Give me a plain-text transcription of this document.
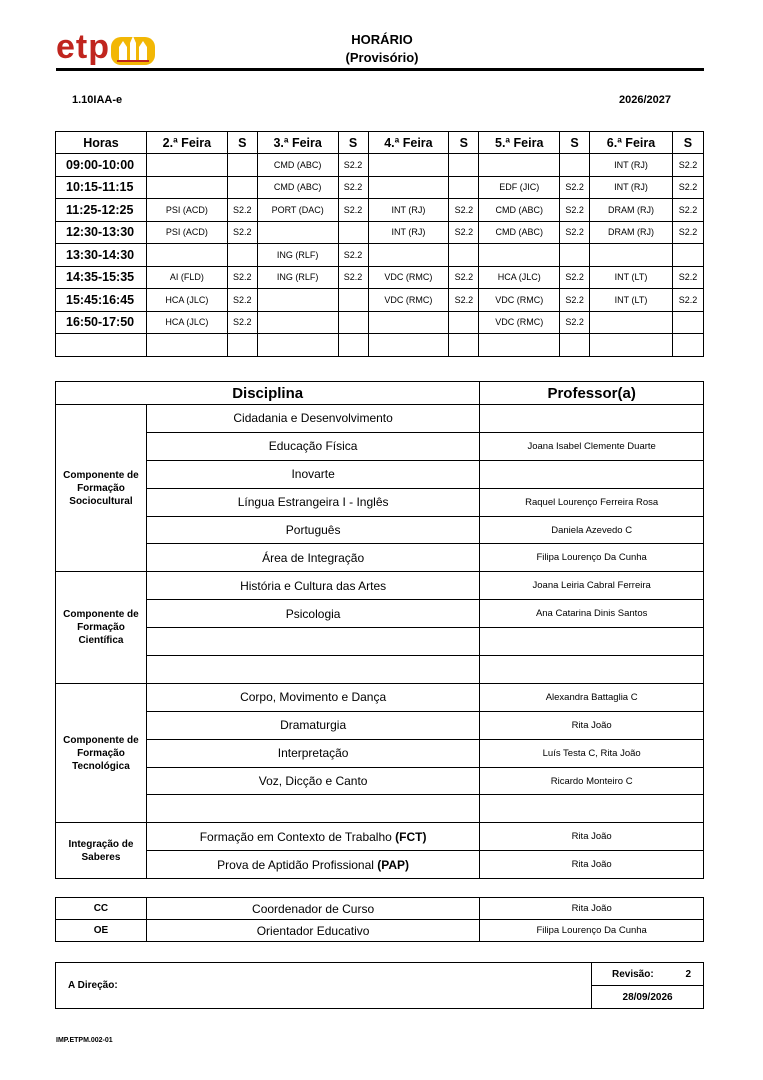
etp	HORÁRIO
(Provisório)
1.10IAA-e	2026/2027
Horas	2.ª Feira	S	3.ª Feira	S	4.ª Feira	S	5.ª Feira	S	6.ª Feira	S
09:00-10:00			CMD (ABC)	S2.2					INT (RJ)	S2.2
10:15-11:15			CMD (ABC)	S2.2			EDF (JIC)	S2.2	INT (RJ)	S2.2
11:25-12:25	PSI (ACD)	S2.2	PORT (DAC)	S2.2	INT (RJ)	S2.2	CMD (ABC)	S2.2	DRAM (RJ)	S2.2
12:30-13:30	PSI (ACD)	S2.2			INT (RJ)	S2.2	CMD (ABC)	S2.2	DRAM (RJ)	S2.2
13:30-14:30			ING (RLF)	S2.2						
14:35-15:35	AI (FLD)	S2.2	ING (RLF)	S2.2	VDC (RMC)	S2.2	HCA (JLC)	S2.2	INT (LT)	S2.2
15:45:16:45	HCA (JLC)	S2.2			VDC (RMC)	S2.2	VDC (RMC)	S2.2	INT (LT)	S2.2
16:50-17:50	HCA (JLC)	S2.2					VDC (RMC)	S2.2		

Disciplina		Professor(a)
Componente de Formação Sociocultural	Cidadania e Desenvolvimento	
	Educação Física	Joana Isabel Clemente Duarte
	Inovarte	
	Língua Estrangeira I - Inglês	Raquel Lourenço Ferreira Rosa
	Português	Daniela Azevedo C
	Área de Integração	Filipa Lourenço Da Cunha
Componente de Formação Científica	História e Cultura das Artes	Joana Leiria Cabral Ferreira
	Psicologia	Ana Catarina Dinis Santos

Componente de Formação Tecnológica	Corpo, Movimento e Dança	Alexandra Battaglia C
	Dramaturgia	Rita João
	Interpretação	Luís Testa C, Rita João
	Voz, Dicção e Canto	Ricardo Monteiro C

Integração de Saberes	Formação em Contexto de Trabalho (FCT)	Rita João
	Prova de Aptidão Profissional (PAP)	Rita João
CC	Coordenador de Curso	Rita João
OE	Orientador Educativo	Filipa Lourenço Da Cunha
A Direção:	Revisão:	2
28/09/2026
IMP.ETPM.002-01
